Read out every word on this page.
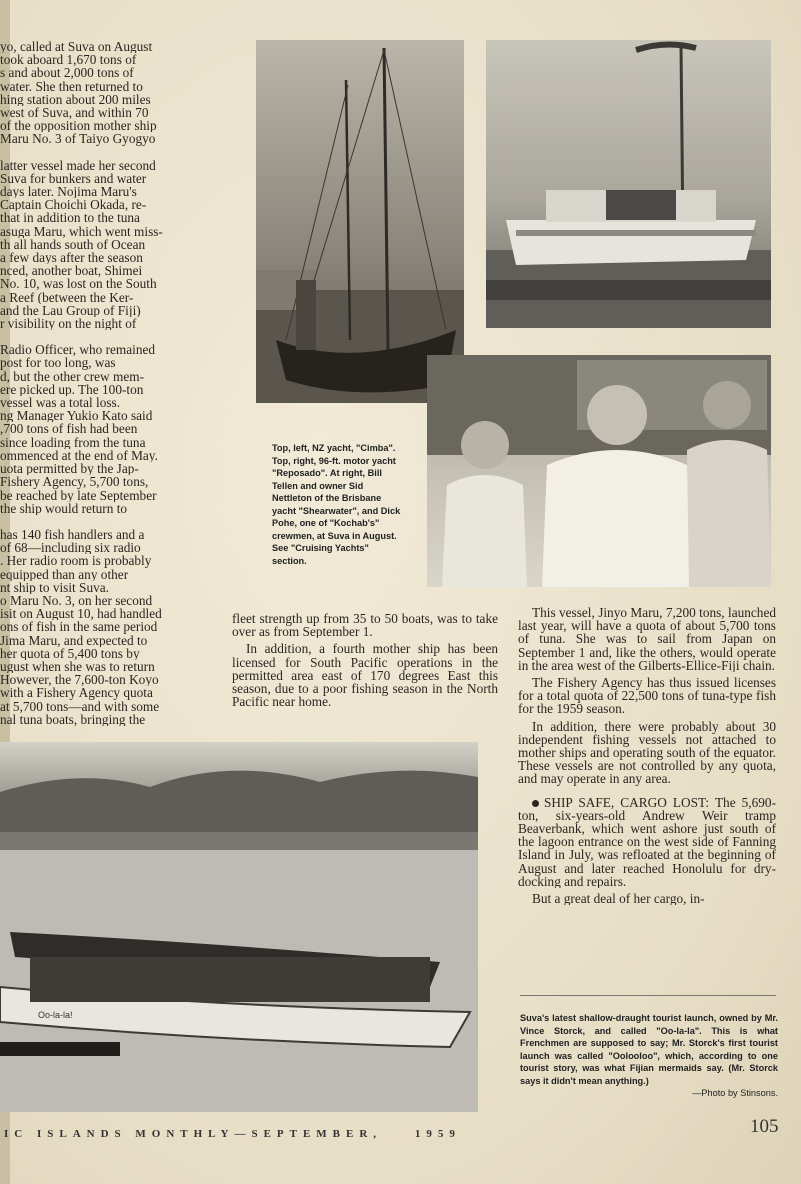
yo, called at Suva on August

took aboard 1,670 tons of

s and about 2,000 tons of

water. She then returned to

hing station about 200 miles

west of Suva, and within 70

of the opposition mother ship

Maru No. 3 of Taiyo Gyogyo

latter vessel made her second

Suva for bunkers and water

days later. Nojima Maru's

Captain Choichi Okada, re-

that in addition to the tuna

asuga Maru, which went miss-

th all hands south of Ocean

a few days after the season

nced, another boat, Shimei

No. 10, was lost on the South

a Reef (between the Ker-

and the Lau Group of Fiji)

r visibility on the night of

Radio Officer, who remained

post for too long, was

d, but the other crew mem-

ere picked up. The 100-ton

vessel was a total loss.

ng Manager Yukio Kato said

,700 tons of fish had been

since loading from the tuna

ommenced at the end of May.

uota permitted by the Jap-

Fishery Agency, 5,700 tons,

be reached by late September

the ship would return to

has 140 fish handlers and a

of 68—including six radio

. Her radio room is probably

equipped than any other

nt ship to visit Suva.

o Maru No. 3, on her second

isit on August 10, had handled

ons of fish in the same period

Jima Maru, and expected to

her quota of 5,400 tons by

ugust when she was to return

However, the 7,600-ton Koyo

with a Fishery Agency quota

at 5,700 tons—and with some

nal tuna boats, bringing the

Top, left, NZ yacht, "Cimba". Top, right, 96-ft. motor yacht "Reposado". At right, Bill Tellen and owner Sid Nettleton of the Brisbane yacht "Shearwater", and Dick Pohe, one of "Kochab's" crewmen, at Suva in August. See "Cruising Yachts" section.

fleet strength up from 35 to 50 boats, was to take over as from September 1.

In addition, a fourth mother ship has been licensed for South Pacific operations in the permitted area east of 170 degrees East this season, due to a poor fishing season in the North Pacific near home.

This vessel, Jinyo Maru, 7,200 tons, launched last year, will have a quota of about 5,700 tons of tuna. She was to sail from Japan on September 1 and, like the others, would operate in the area west of the Gilberts-Ellice-Fiji chain.

The Fishery Agency has thus issued licenses for a total quota of 22,500 tons of tuna-type fish for the 1959 season.

In addition, there were probably about 30 independent fishing vessels not attached to mother ships and operating south of the equator. These vessels are not controlled by any quota, and may operate in any area.

SHIP SAFE, CARGO LOST: The 5,690-ton, six-years-old Andrew Weir tramp Beaverbank, which went ashore just south of the lagoon entrance on the west side of Fanning Island in July, was refloated at the beginning of August and later reached Honolulu for dry-docking and repairs.

But a great deal of her cargo, in-

Oo-la-la!	Suva's latest shallow-draught tourist launch, owned by Mr. Vince Storck, and called "Oo-la-la". This is what Frenchmen are supposed to say; Mr. Storck's first tourist launch was called "Oolooloo", which, according to one tourist story, was what Fijian mermaids say. (Mr. Storck says it didn't mean anything.)
—Photo by Stinsons.
IC ISLANDS MONTHLY—SEPTEMBER,	1959	105
